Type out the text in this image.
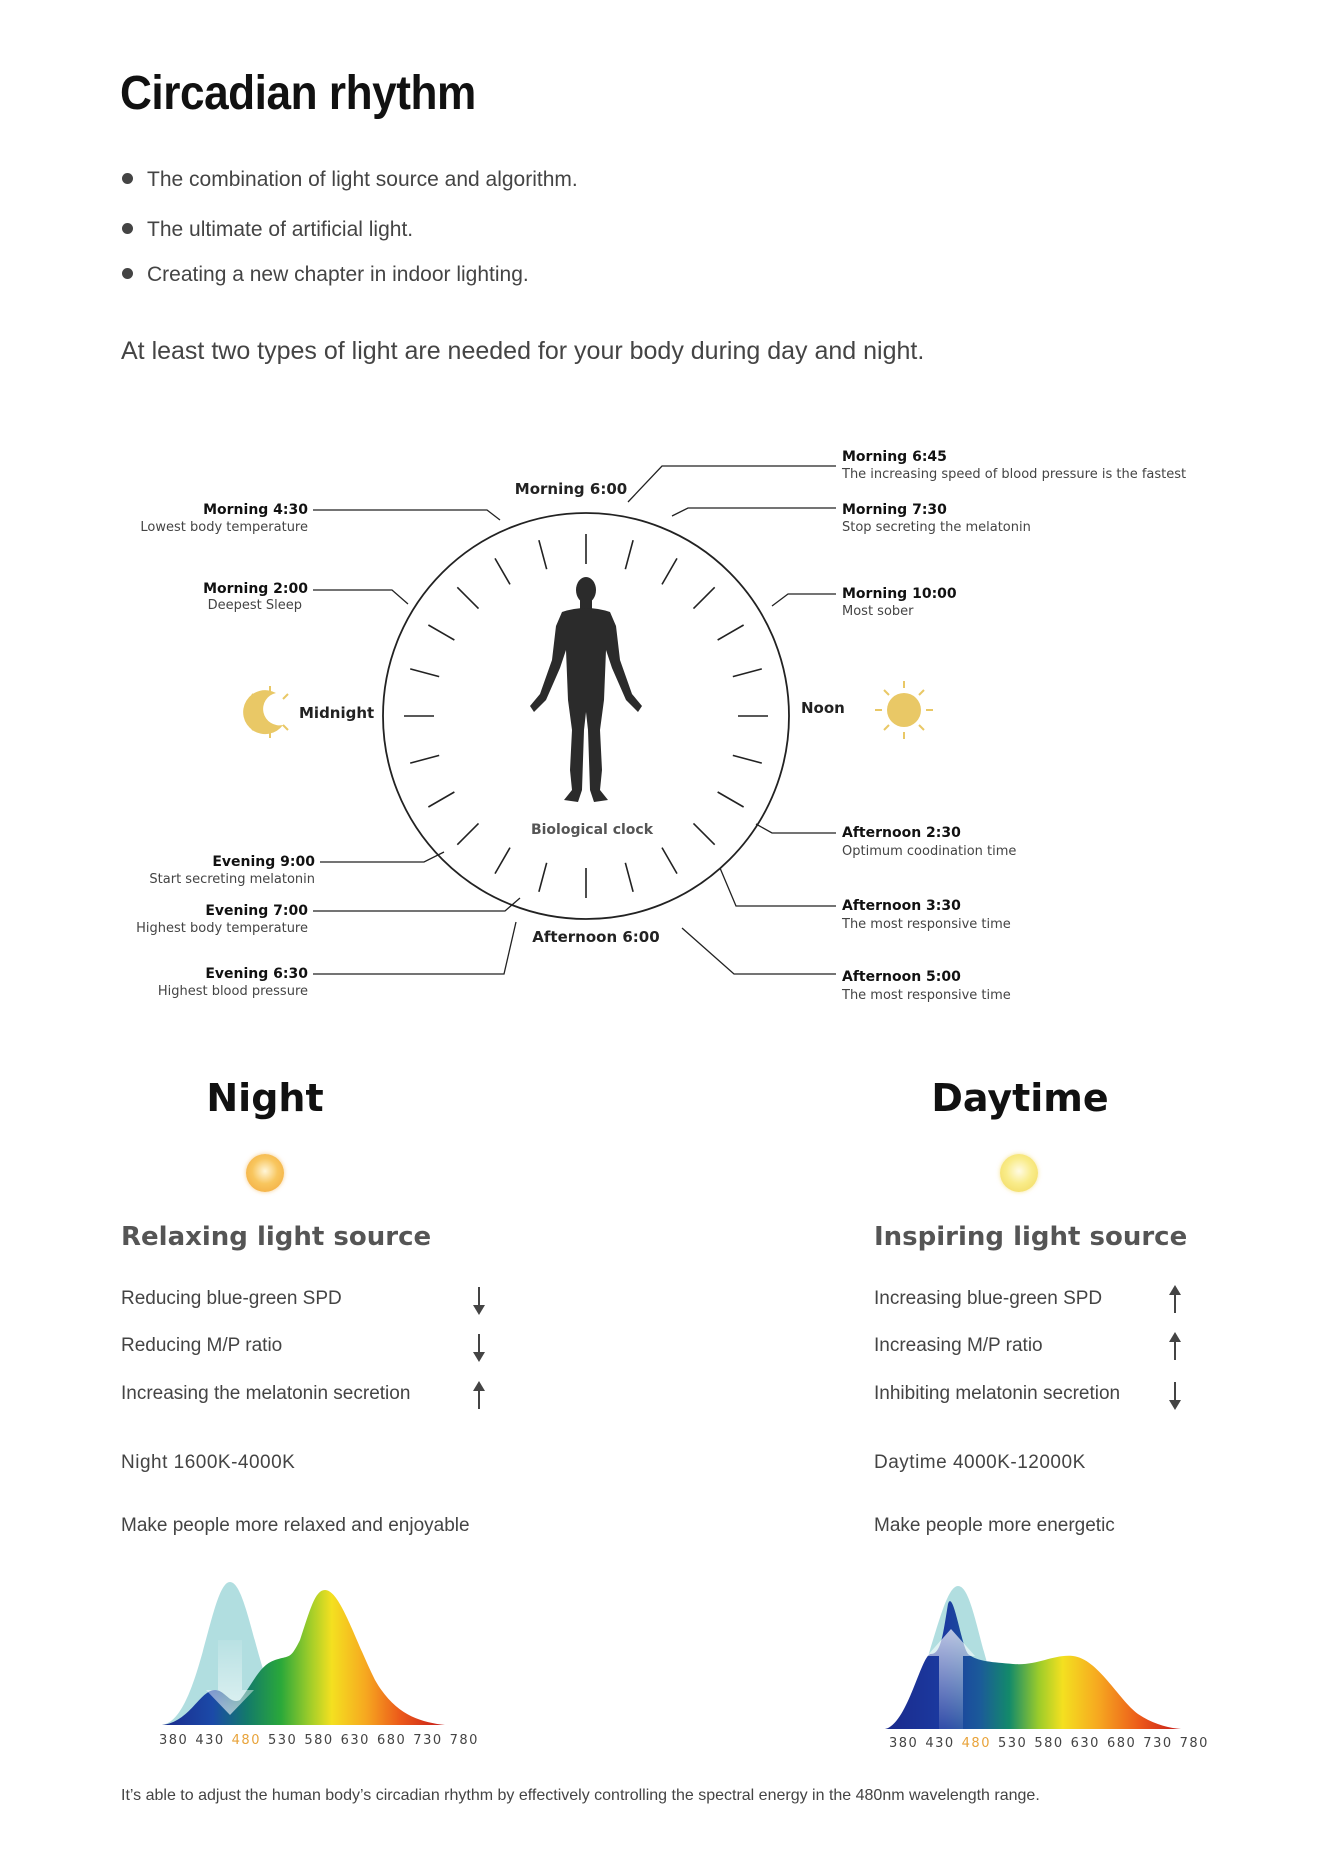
Circadian rhythm
The combination of light source and algorithm.
The ultimate of artificial light.
Creating a new chapter in indoor lighting.
At least two types of light are needed for your body during day and night.
Biological clock
Morning 6:00
Afternoon 6:00
Midnight	Noon
Morning 4:30
Lowest body temperature
Morning 2:00
Deepest Sleep
Evening 9:00
Start secreting melatonin
Evening 7:00
Highest body temperature
Evening 6:30
Highest blood pressure
Morning 6:45
The increasing speed of blood pressure is the fastest
Morning 7:30
Stop secreting the melatonin
Morning 10:00
Most sober
Afternoon 2:30
Optimum coodination time
Afternoon 3:30
The most responsive time
Afternoon 5:00
The most responsive time
Night
Relaxing light source
Reducing blue-green SPD
Reducing M/P ratio
Increasing the melatonin secretion
Night 1600K-4000K
Make people more relaxed and enjoyable
380 430 480 530 580 630 680 730 780
Daytime
Inspiring light source
Increasing blue-green SPD
Increasing M/P ratio
Inhibiting melatonin secretion
Daytime 4000K-12000K
Make people more energetic
380 430 480 530 580 630 680 730 780
It’s able to adjust the human body’s circadian rhythm by effectively controlling the spectral energy in the 480nm wavelength range.
